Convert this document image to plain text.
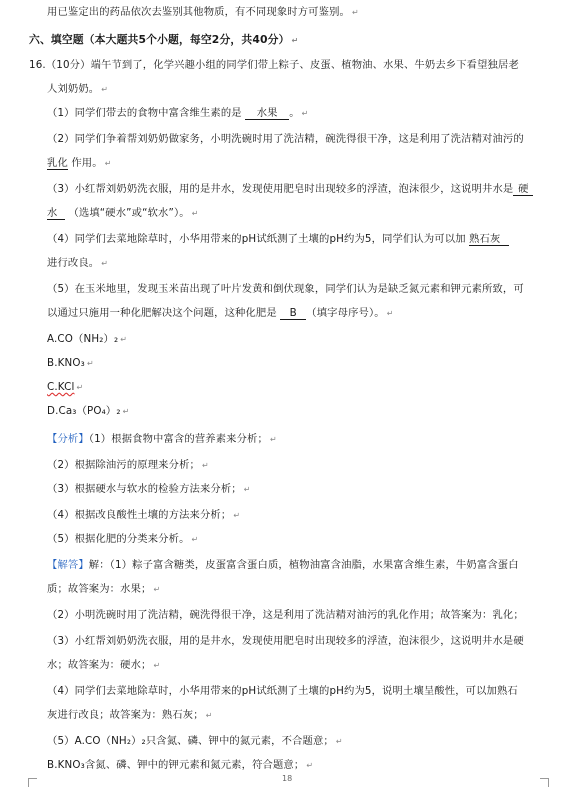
用已鉴定出的药品依次去鉴别其他物质，有不同现象时方可鉴别。 ↵
六、填空题（本大题共5个小题，每空2分，共40分） ↵
16.（10分）端午节到了，化学兴趣小组的同学们带上粽子、皮蛋、植物油、水果、牛奶去乡下看望独居老
人刘奶奶。 ↵
（1）同学们带去的食物中富含维生素的是 水果 。 ↵
（2）同学们争着帮刘奶奶做家务，小明洗碗时用了洗洁精，碗洗得很干净，这是利用了洗洁精对油污的
乳化 作用。 ↵
（3）小红帮刘奶奶洗衣服，用的是井水，发现使用肥皂时出现较多的浮渣，泡沫很少，这说明井水是 硬
水 （选填“硬水”或“软水”）。 ↵
（4）同学们去菜地除草时，小华用带来的pH试纸测了土壤的pH约为5，同学们认为可以加 熟石灰
进行改良。 ↵
（5）在玉米地里，发现玉米苗出现了叶片发黄和倒伏现象，同学们认为是缺乏氮元素和钾元素所致，可
以通过只施用一种化肥解决这个问题，这种化肥是 B （填字母序号）。 ↵
A.CO（NH₂）₂ ↵
B.KNO₃ ↵
C.KCl ↵
D.Ca₃（PO₄）₂ ↵
【分析】（1）根据食物中富含的营养素来分析； ↵
（2）根据除油污的原理来分析； ↵
（3）根据硬水与软水的检验方法来分析； ↵
（4）根据改良酸性土壤的方法来分析； ↵
（5）根据化肥的分类来分析。 ↵
【解答】解：（1）粽子富含糖类，皮蛋富含蛋白质，植物油富含油脂，水果富含维生素，牛奶富含蛋白
质；故答案为：水果； ↵
（2）小明洗碗时用了洗洁精，碗洗得很干净，这是利用了洗洁精对油污的乳化作用；故答案为：乳化；
（3）小红帮刘奶奶洗衣服，用的是井水，发现使用肥皂时出现较多的浮渣，泡沫很少，这说明井水是硬
水；故答案为：硬水； ↵
（4）同学们去菜地除草时，小华用带来的pH试纸测了土壤的pH约为5，说明土壤呈酸性，可以加熟石
灰进行改良；故答案为：熟石灰； ↵
（5）A.CO（NH₂）₂只含氮、磷、钾中的氮元素，不合题意； ↵
B.KNO₃含氮、磷、钾中的钾元素和氮元素，符合题意； ↵
18
